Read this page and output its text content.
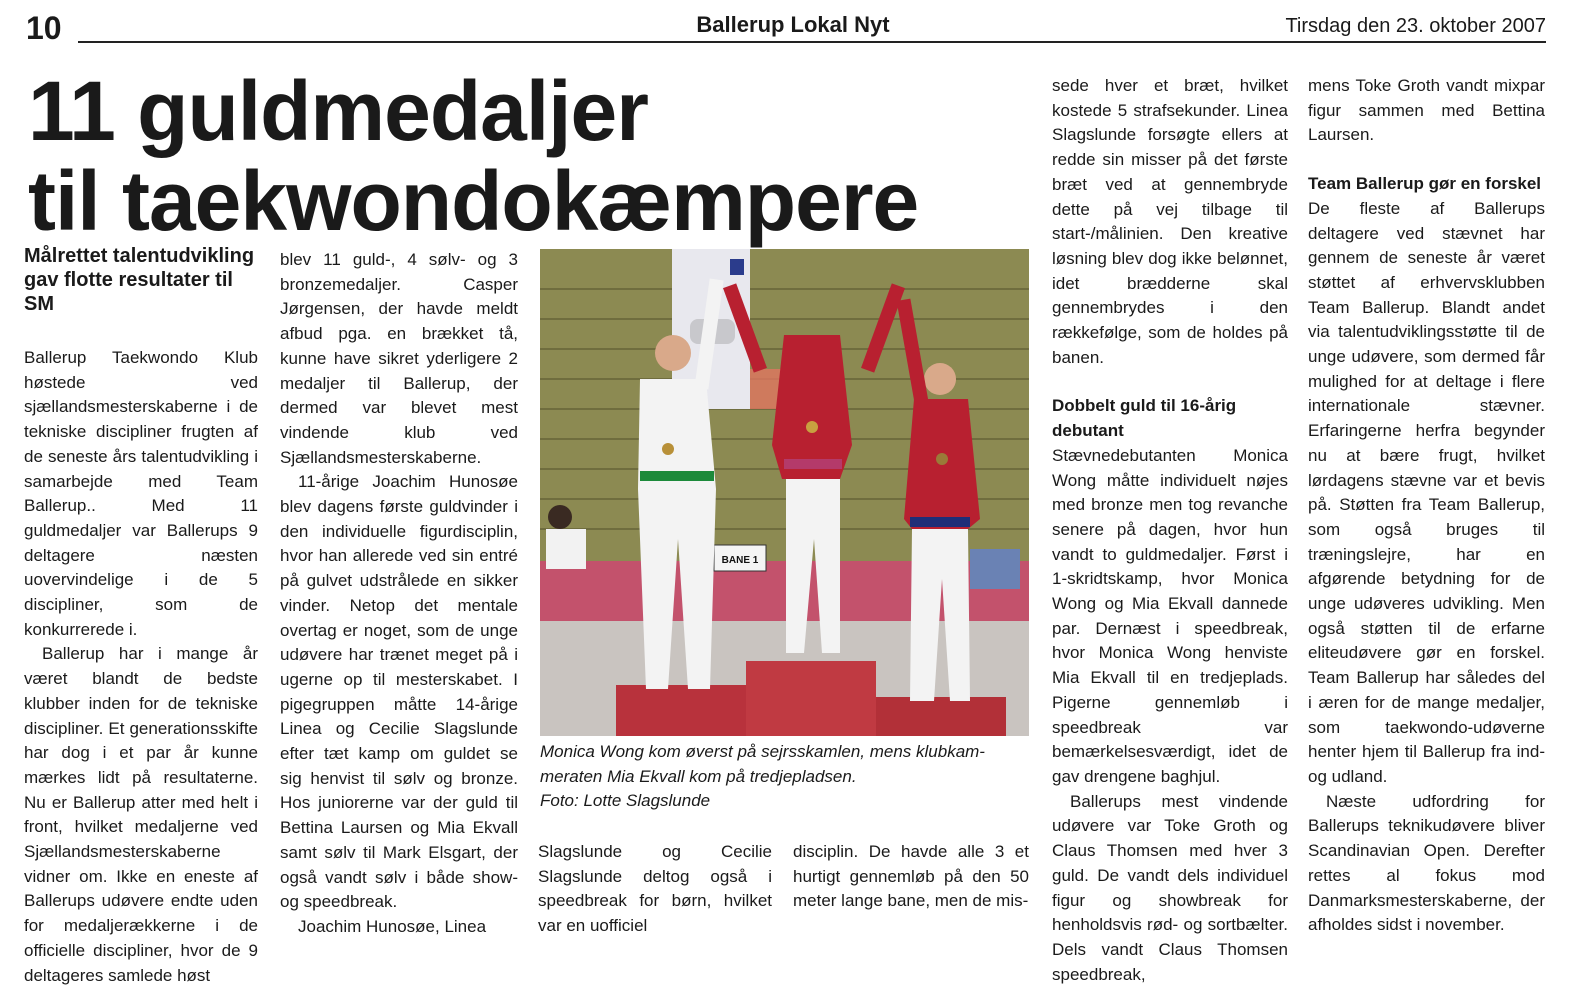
10	Ballerup Lokal Nyt	Tirsdag den 23. oktober 2007
11 guldmedaljer
til taekwondokæmpere
Målrettet talentudvikling gav flotte resultater til SM

Ballerup Taekwondo Klub høstede ved sjællandsmesterskaberne i de tekniske discipliner frugten af de seneste års talentudvikling i samarbejde med Team Ballerup.. Med 11 guldmedaljer var Ballerups 9 deltagere næsten uovervindelige i de 5 discipliner, som de konkurrerede i.

Ballerup har i mange år været blandt de bedste klubber inden for de tekniske discipliner. Et generationsskifte har dog i et par år kunne mærkes lidt på resultaterne. Nu er Ballerup atter med helt i front, hvilket medaljerne ved Sjællandsmesterskaberne vidner om. Ikke en eneste af Ballerups udøvere endte uden for medaljerækkerne i de officielle discipliner, hvor de 9 deltageres samlede høst

blev 11 guld-, 4 sølv- og 3 bronzemedaljer. Casper Jørgensen, der havde meldt afbud pga. en brækket tå, kunne have sikret yderligere 2 medaljer til Ballerup, der dermed var blevet mest vindende klub ved Sjællandsmesterskaberne.

11-årige Joachim Hunosøe blev dagens første guldvinder i den individuelle figurdisciplin, hvor han allerede ved sin entré på gulvet udstrålede en sikker vinder. Netop det mentale overtag er noget, som de unge udøvere har trænet meget på i ugerne op til mesterskabet. I pigegruppen måtte 14-årige Linea og Cecilie Slagslunde efter tæt kamp om guldet se sig henvist til sølv og bronze. Hos juniorerne var der guld til Bettina Laursen og Mia Ekvall samt sølv til Mark Elsgart, der også vandt sølv i både show- og speedbreak.

Joachim Hunosøe, Linea

BANE 1

Monica Wong kom øverst på sejrsskamlen, mens klubkam-
meraten Mia Ekvall kom på tredjepladsen.
Foto: Lotte Slagslunde

Slagslunde og Cecilie Slagslunde deltog også i speedbreak for børn, hvilket var en uofficiel

disciplin. De havde alle 3 et hurtigt gennemløb på den 50 meter lange bane, men de mis-

sede hver et bræt, hvilket kostede 5 strafsekunder. Linea Slagslunde forsøgte ellers at redde sin misser på det første bræt ved at gennembryde dette på vej tilbage til start-/målinien. Den kreative løsning blev dog ikke belønnet, idet brædderne skal gennembrydes i den rækkefølge, som de holdes på banen.

Dobbelt guld til 16-årig debutant

Stævnedebutanten Monica Wong måtte individuelt nøjes med bronze men tog revanche senere på dagen, hvor hun vandt to guldmedaljer. Først i 1-skridtskamp, hvor Monica Wong og Mia Ekvall dannede par. Dernæst i speedbreak, hvor Monica Wong henviste Mia Ekvall til en tredjeplads. Pigerne gennemløb i speedbreak var bemærkelsesværdigt, idet de gav drengene baghjul.

Ballerups mest vindende udøvere var Toke Groth og Claus Thomsen med hver 3 guld. De vandt dels individuel figur og showbreak for henholdsvis rød- og sortbælter. Dels vandt Claus Thomsen speedbreak,

mens Toke Groth vandt mixpar figur sammen med Bettina Laursen.

Team Ballerup gør en forskel

De fleste af Ballerups deltagere ved stævnet har gennem de seneste år været støttet af erhvervsklubben Team Ballerup. Blandt andet via talentudviklingsstøtte til de unge udøvere, som dermed får mulighed for at deltage i flere internationale stævner. Erfaringerne herfra begynder nu at bære frugt, hvilket lørdagens stævne var et bevis på. Støtten fra Team Ballerup, som også bruges til træningslejre, har en afgørende betydning for de unge udøveres udvikling. Men også støtten til de erfarne eliteudøvere gør en forskel. Team Ballerup har således del i æren for de mange medaljer, som taekwondo-udøverne henter hjem til Ballerup fra ind- og udland.

Næste udfordring for Ballerups teknikudøvere bliver Scandinavian Open. Derefter rettes al fokus mod Danmarksmesterskaberne, der afholdes sidst i november.
